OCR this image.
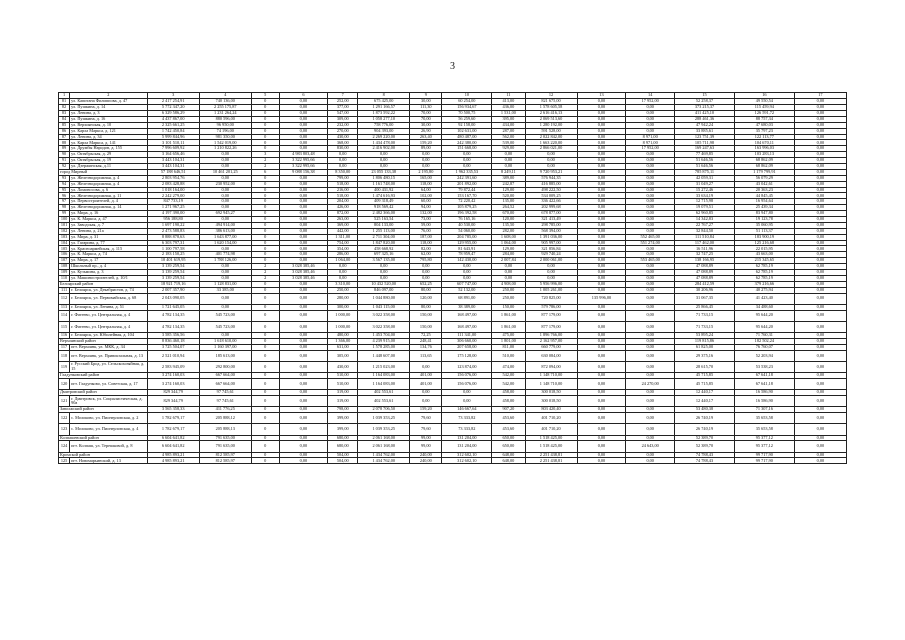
3
1	2	3	4	5	6	7	8	9	10	11	12	13	14	15	16	17
81	ул. Капитана Филиппова, д. 47	2 417 254,91	740 136,00	0	0,00	252,00	675 425,00	30,00	60 254,00	413,00	821 675,00	0,00	17 952,00	52 258,37	49 550,54	0,00
82	ул. Пушкина, д. 14	5 772 347,20	2 255 175,87	0	0,00	377,00	1 291 166,57	111,30	156 934,67	436,00	1 578 605,58	0,00	0,00	373 215,37	115 459,94	0,00
83	ул. Ленина, д. 3	6 329 586,29	1 231 264,24	0	0,00	547,00	1 873 592,22	70,00	70 500,75	1 531,00	2 616 416,13	0,00	0,00	411 425,10	126 591,72	0,00
84	ул. Пушкина, д. 16	4 437 867,00	880 596,00	0	0,00	309,00	1 058 277,10	70,00	56 259,60	395,00	2 069 513,60	0,00	0,00	288 461,36	88 757,34	0,00
85	ул. Верхоянская, д. 10	2 325 661,25	96 950,00	0	0,00	232,00	758 776,00	30,00	92 158,00	434,00	1 280 192,00	0,00	0,00	47 942,24	47 680,03	0,00
86	ул. Карла Маркса, д. 121	1 742 450,84	74 196,00	0	0,00	270,00	904 393,00	26,90	102 631,00	287,00	591 528,00	0,00	0,00	33 885,61	35 797,23	0,00
87	ул. Ленина, д. 34	5 999 844,96	981 350,00	0	0,00	430,00	2 269 220,00	263,40	480 487,00	562,00	2 022 842,00	0,00	8 971,00	123 751,39	122 113,77	0,00
88	ул. Карла Маркса, д. 141	3 101 510,11	1 542 019,00	0	0,00	368,00	1 434 478,00	159,20	242 380,00	539,00	1 663 220,00	0,00	8 971,00	105 711,98	104 670,11	0,00
89	ул. Дружбы Народов, д. 155	7 996 609,92	1 210 822,26	0	0,00	830,00	2 416 902,00	89,00	151 668,00	929,00	2 866 021,00	0,00	17 952,00	169 247,63	163 996,03	0,00
90	ул. Октябрьская, д. 29	3 164 656,46	0,00	3	4 983 803,48	0,00	0,00	0,00	0,00	0,00	0,00	0,00	0,00	77 469,85	103 283,13	0,00
91	ул. Октябрьская, д. 19	3 443 104,31	0,00	2	3 322 995,66	0,00	0,00	0,00	0,00	0,00	0,00	0,00	0,00	51 646,56	68 862,09	0,00
92	ул. Дзержинская, д.11	3 443 104,31	0,00	2	3 322 995,66	0,00	0,00	0,00	0,00	0,00	0,00	0,00	0,00	51 646,56	68 862,09	0,00
город Мирный		57 188 646,51	10 461 201,25	6	9 088 156,38	8 350,00	23 055 133,38	2 195,80	1 962 335,53	8 249,11	9 720 953,21	0,00	0,00	785 875,11	1 179 799,91	0,00
93	ул. Железнодорожная, д. 4	2 803 954,76	0,00	0	0,00	799,00	1 806 480,15	165,00	242 391,60	389,00	576 944,35	0,00	0,00	42 059,31	56 079,29	0,00
94	ул. Железнодорожная, д. 4	2 083 428,88	230 952,00	0	0,00	518,00	1 161 748,00	118,00	201 892,00	242,87	416 885,00	0,00	0,00	31 049,27	43 042,61	0,00
95	ул. Ломоносова, д. 6	1 018 164,00	0,00	0	0,00	216,00	400 431,92	64,00	79 872,44	129,00	498 222,50	0,00	0,00	15 272,46	20 363,23	0,00
96	ул. Железнодорожная, д. 11	2 242 279,00	0,00	0	0,00	518,00	1 474 616,93	102,00	153 167,70	520,00	534 009,25	0,00	0,00	33 634,19	44 845,45	0,00
97	ул. Первостроителей, д. 4	847 733,19	0,00	0	0,00	204,00	409 318,49	60,00	72 220,42	135,00	336 422,66	0,00	0,00	12 715,98	16 954,64	0,00
98	ул. Железнодорожная, д. 14	1 271 967,25	0,00	0	0,00	426,00	918 569,42	94,00	105 879,25	264,52	202 999,68	0,00	0,00	19 079,51	25 439,34	0,00
99	ул. Мира, д. 16	4 197 390,00	692 945,27	0	0,00	872,00	2 482 366,00	132,00	196 392,58	670,00	678 877,00	0,00	0,00	62 960,85	83 947,80	0,00
100	ул. К. Маркса, д. 47	956 188,80	0,00	0	0,00	263,00	525 163,54	73,00	76 165,16	120,00	321 413,49	0,00	0,00	14 342,83	19 123,78	0,00
101	ул. Заводская, д. 7	1 697 190,22	494 914,00	0	0,00	369,00	804 133,00	59,00	40 530,00	135,50	298 785,00	0,00	0,00	22 767,27	35 060,95	0,00
102	ул. Ленина, д. 21а	2 473 588,83	386 613,00	0	0,00	442,00	1 255 113,00	76,00	54 060,00	282,00	568 394,00	0,00	0,00	32 844,50	51 113,37	0,00
103	ул. Мира, д. 31	8 888 878,63	1 643 877,00	0	0,00	1 311,00	2 711 304,00	187,00	204 785,00	1 608,00	1 391 036,00	0,00	552 465,00	111 510,84	183 900,19	0,00
104	ул. Гагарина, д. 77	6 303 797,31	1 620 154,00	0	0,00	754,00	1 847 820,00	118,00	129 955,00	1 064,00	905 997,00	0,00	551 274,00	117 462,00	125 216,68	0,00
105	ул. Красноармейская, д. 115	1 100 797,58	0,00	0	0,00	354,00	458 668,92	82,00	81 643,91	129,00	321 856,84	0,00	0,00	16 511,96	22 015,95	0,00
106	ул. К. Маркса, д. 74	2 183 150,25	401 774,98	0	0,00	286,00	697 325,16	62,00	78 959,47	284,00	929 740,24	0,00	0,00	32 747,25	43 663,00	0,00
107	ул. Мира, д. 17	10 401 619,95	1 788 126,00	0	0,00	1 064,00	3 567 135,00	795,80	142 430,00	2 007,84	2 000 061,00	0,00	553 465,00	138 166,95	215 345,65	0,00
108	Школьный пр., д. 4	3 139 259,54	0,00	2	3 028 385,46	0,00	0,00	0,00	0,00	0,00	0,00	0,00	0,00	47 088,89	62 785,19	0,00
109	ул. Кузьмина, д. 3	3 139 259,54	0,00	2	3 028 385,46	0,00	0,00	0,00	0,00	0,00	0,00	0,00	0,00	47 088,89	62 785,19	0,00
110	ул. Машиностроителей, д. 10/1	3 139 259,54	0,00	2	3 028 385,46	0,00	0,00	0,00	0,00	0,00	0,00	0,00	0,00	47 088,89	62 785,19	0,00
Белоярский район		18 921 719,16	1 128 831,00	0	0,00	3 310,00	10 432 520,00	652,25	607 747,00	4 908,00	5 956 996,00	0,00	0,00	284 412,59	379 216,66	0,00
111	г. Белоярск, ул. Декабристов, д. 74	2 007 357,90	33 385,00	0	0,00	250,00	846 097,00	80,00	52 132,00	250,00	1 005 261,00	0,00	0,00	30 206,96	40 275,94	0,00
112	г. Белоярск, ул. Первомайская, д. 68	2 043 090,05	0,00	0	0,00	280,00	1 044 880,00	120,00	68 891,00	250,00	720 825,00	135 996,00	0,00	31 067,35	41 423,40	0,00
113	г. Белоярск, ул. Ленина, д. 51	1 721 645,05	0,00	0	0,00	300,00	1 043 115,00	80,00	38 389,00	150,00	579 786,00	0,00	0,00	25 866,45	34 488,60	0,00
114	г. Фатеево, ул. Центральная, д. 4	4 782 134,35	545 723,00	0	0,00	1 000,00	3 022 358,00	150,00	168 497,00	1 861,00	877 179,00	0,00	0,00	71 733,15	95 644,20	0,00
115	г. Фатеево, ул. Центральная, д. 4	4 782 134,35	545 723,00	0	0,00	1 000,00	3 022 358,00	150,00	168 497,00	1 861,00	877 179,00	0,00	0,00	71 733,15	95 644,20	0,00
116	г. Белоярск, ул. Юбилейная, д. 104	3 585 356,56	0,00	0	0,00	480,00	1 453 704,00	72,25	111 341,00	475,00	1 896 766,00	0,00	0,00	53 895,24	71 760,31	0,00
Верхоянский район		8 836 460,18	1 618 610,00	0	0,00	1 366,00	4 239 915,00	248,41	306 660,00	1 801,00	2 162 957,00	0,00	0,00	119 815,86	182 502,24	0,00
117	пгт. Верхоянк, ул. МКК, д. 34	3 725 504,07	1 160 397,00	0	0,00	631,00	1 578 285,00	134,76	207 658,00	811,00	660 779,00	0,00	0,00	61 825,00	76 760,07	0,00
118	пгт. Верхоянк, ул. Привокзальная, д. 13	2 521 010,94	185 613,00	0	0,00	305,00	1 448 607,00	113,65	175 128,00	510,00	630 084,00	0,00	0,00	29 375,16	52 203,94	0,00
119	г. Русский Брод, ул. Сельскохозяйная, д. 15	2 583 945,09	292 800,00	0	0,00	430,00	1 215 023,00	0,00	123 874,00	474,00	872 094,00	0,00	0,00	28 615,70	53 538,23	0,00
Гладунковский район		3 274 160,03	667 664,00	0	0,00	510,00	1 164 083,00	401,00	156 076,00	542,00	1 148 710,00	0,00	0,00	45 715,85	67 641,18	0,00
120	пгт. Гладунково, ул. Советская, д. 17	3 274 160,03	667 664,00	0	0,00	510,00	1 164 083,00	401,00	156 076,00	542,00	1 148 710,00	0,00	24 270,00	45 715,85	67 641,18	0,00
Дмитровский район		829 344,79	97 745,61	0	0,00	319,00	402 553,61	0,00	0,00	458,00	300 018,50	0,00	0,00	12 440,17	16 586,90	0,00
121	г. Дмитровск, ул. Социалистическая, д. 90а	829 344,79	97 745,61	0	0,00	319,00	402 553,61	0,00	0,00	458,00	300 018,50	0,00	0,00	12 440,17	16 586,90	0,00
Заволжский район		3 565 358,33	411 776,25	0	0,00	798,00	2 078 706,50	159,20	146 667,64	907,20	803 420,40	0,00	0,00	53 480,38	71 307,16	0,00
122	с. Молоково, ул. Пионерловская, д. 2	1 782 679,17	205 888,12	0	0,00	399,00	1 039 353,25	79,60	73 333,82	453,60	401 710,20	0,00	0,00	26 740,19	35 653,58	0,00
123	с. Молоково, ул. Пионерловская, д. 4	1 782 679,17	205 888,13	0	0,00	399,00	1 039 353,25	79,60	73 333,82	453,60	401 710,20	0,00	0,00	26 740,19	35 653,58	0,00
Колпашевский район		6 604 641,82	791 635,00	0	0,00	680,00	2 061 168,00	99,00	131 204,00	650,00	1 518 425,00	0,00	0,00	52 389,70	95 377,12	0,00
124	пгт. Колпаш, ул. Терешковой, д. 8	6 604 641,82	791 635,00	0	0,00	680,00	2 061 168,00	99,00	131 204,00	650,00	1 518 425,00	0,00	24 643,00	52 389,70	95 377,12	0,00
Кромской район		4 985 893,21	812 585,97	0	0,00	504,00	1 434 762,00	240,00	312 602,10	648,00	2 251 438,81	0,00	0,00	74 788,43	99 717,90	0,00
125	пгт. Новомарьинский, д. 13	4 985 893,21	812 585,97	0	0,00	504,00	1 434 762,00	240,00	312 602,10	648,00	2 251 438,81	0,00	0,00	74 788,43	99 717,90	0,00
